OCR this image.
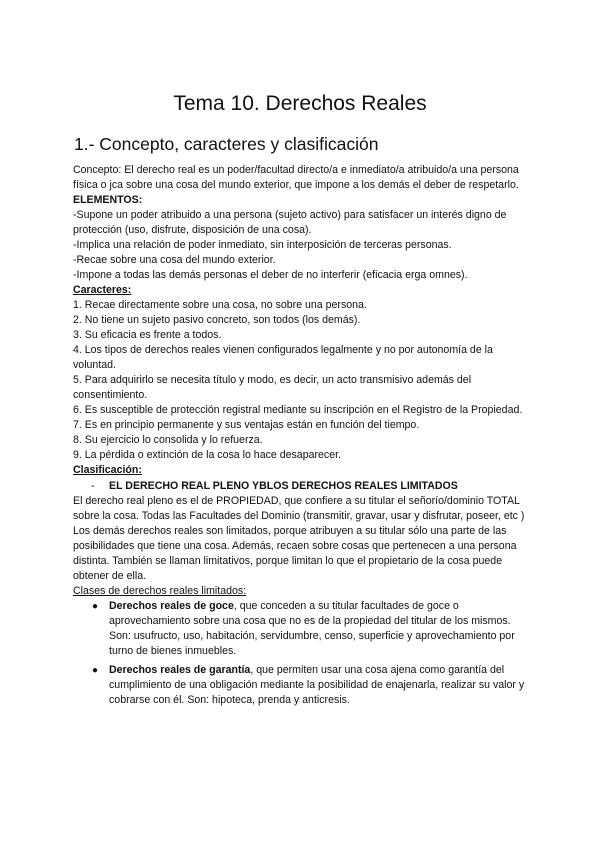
Tema 10. Derechos Reales
1.- Concepto, caracteres y clasificación

Concepto: El derecho real es un poder/facultad directo/a e inmediato/a atribuido/a una persona física o jca sobre una cosa del mundo exterior, que impone a los demás el deber de respetarlo.

ELEMENTOS:

-Supone un poder atribuido a una persona (sujeto activo) para satisfacer un interés digno de protección (uso, disfrute, disposición de una cosa).

-Implica una relación de poder inmediato, sin interposición de terceras personas.

-Recae sobre una cosa del mundo exterior.

-Impone a todas las demás personas el deber de no interferir (eficacia erga omnes).

Caracteres:

1. Recae directamente sobre una cosa, no sobre una persona.

2. No tiene un sujeto pasivo concreto, son todos (los demás).

3. Su eficacia es frente a todos.

4. Los tipos de derechos reales vienen configurados legalmente y no por autonomía de la voluntad.

5. Para adquirirlo se necesita título y modo, es decir, un acto transmisivo además del consentimiento.

6. Es susceptible de protección registral mediante su inscripción en el Registro de la Propiedad.

7. Es en principio permanente y sus ventajas están en función del tiempo.

8. Su ejercicio lo consolida y lo refuerza.

9. La pérdida o extinción de la cosa lo hace desaparecer.

Clasificación:

-	EL DERECHO REAL PLENO YBLOS DERECHOS REALES LIMITADOS

El derecho real pleno es el de PROPIEDAD, que confiere a su titular el señorío/dominio TOTAL sobre la cosa. Todas las Facultades del Dominio (transmitir, gravar, usar y disfrutar, poseer, etc )

Los demás derechos reales son limitados, porque atribuyen a su titular sólo una parte de las posibilidades que tiene una cosa. Además, recaen sobre cosas que pertenecen a una persona distinta. También se llaman limitativos, porque limitan lo que el propietario de la cosa puede obtener de ella.

Clases de derechos reales limitados:

● Derechos reales de goce, que conceden a su titular facultades de goce o aprovechamiento sobre una cosa que no es de la propiedad del titular de los mismos. Son: usufructo, uso, habitación, servidumbre, censo, superficie y aprovechamiento por turno de bienes inmuebles.
● Derechos reales de garantía, que permiten usar una cosa ajena como garantía del cumplimiento de una obligación mediante la posibilidad de enajenarla, realizar su valor y cobrarse con él. Son: hipoteca, prenda y anticresis.
